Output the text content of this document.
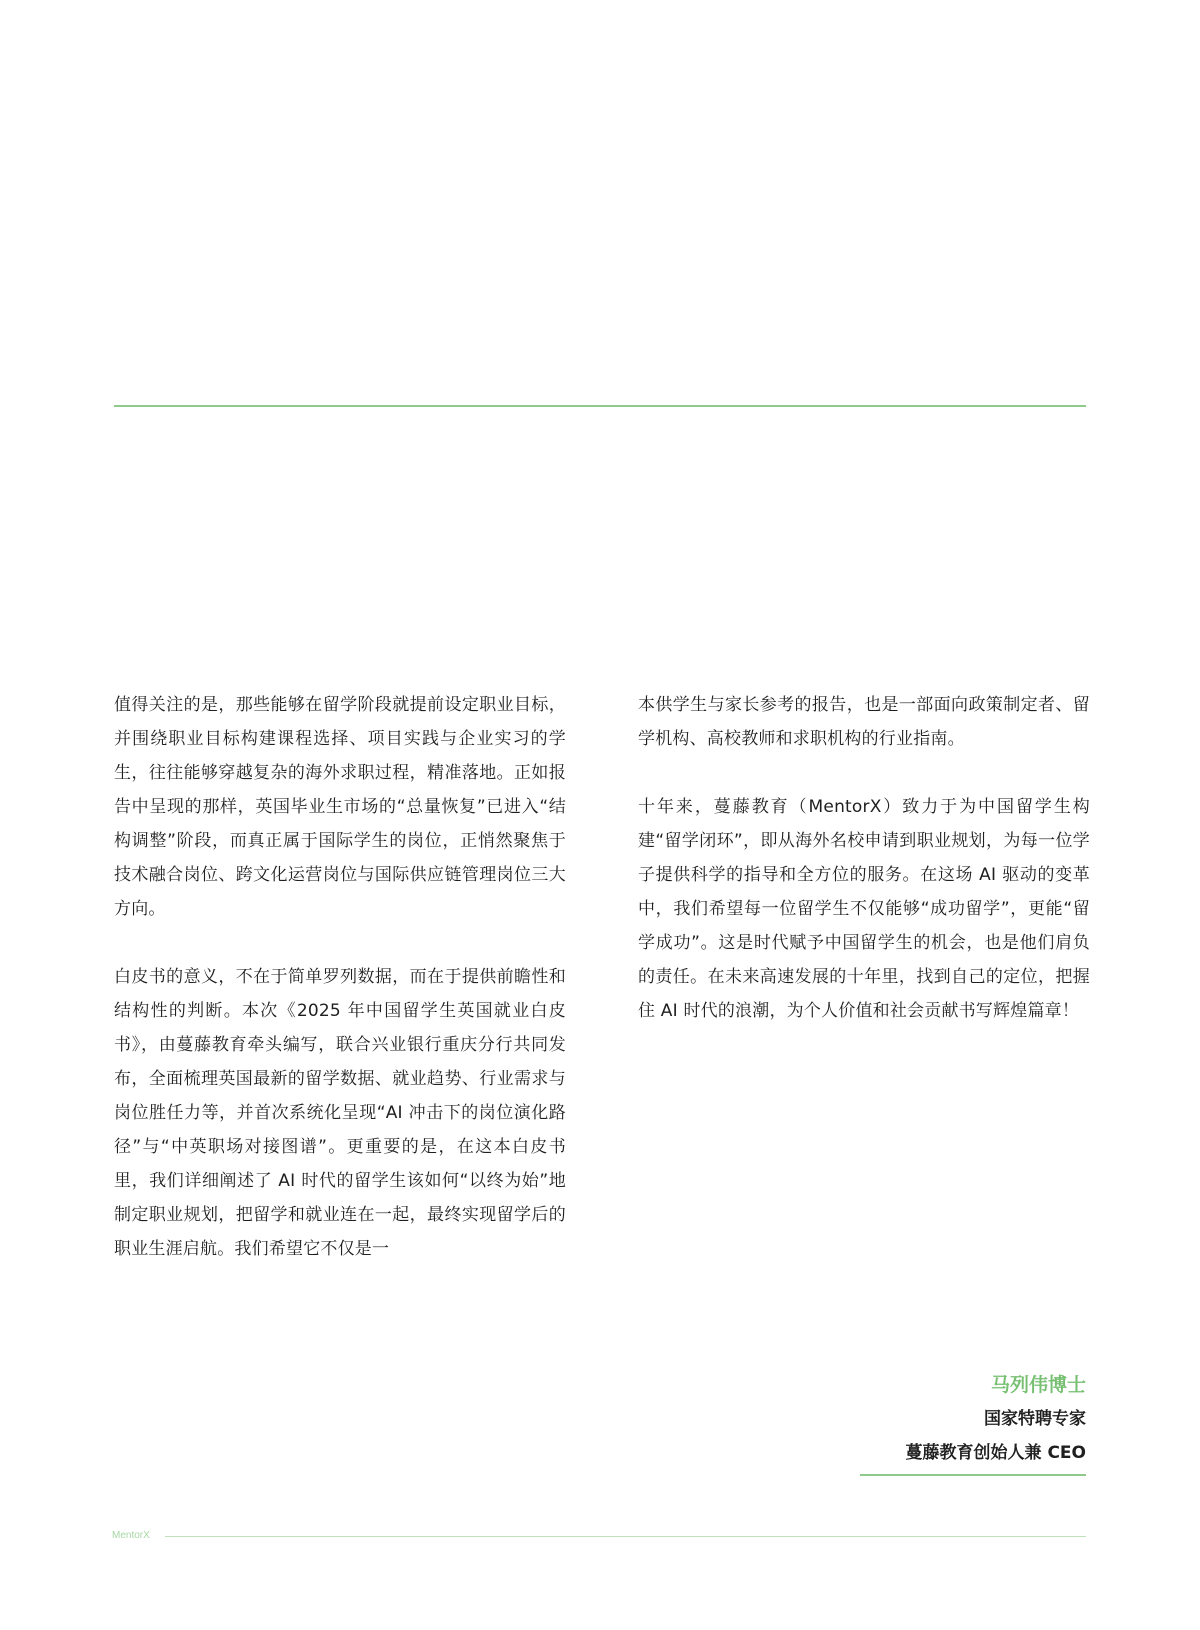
值得关注的是，那些能够在留学阶段就提前设定职业目标，并围绕职业目标构建课程选择、项目实践与企业实习的学生，往往能够穿越复杂的海外求职过程，精准落地。正如报告中呈现的那样，英国毕业生市场的“总量恢复”已进入“结构调整”阶段，而真正属于国际学生的岗位，正悄然聚焦于技术融合岗位、跨文化运营岗位与国际供应链管理岗位三大方向。

白皮书的意义，不在于简单罗列数据，而在于提供前瞻性和结构性的判断。本次《2025 年中国留学生英国就业白皮书》，由蔓藤教育牵头编写，联合兴业银行重庆分行共同发布，全面梳理英国最新的留学数据、就业趋势、行业需求与岗位胜任力等，并首次系统化呈现“AI 冲击下的岗位演化路径”与“中英职场对接图谱”。更重要的是，在这本白皮书里，我们详细阐述了 AI 时代的留学生该如何“以终为始”地制定职业规划，把留学和就业连在一起，最终实现留学后的职业生涯启航。我们希望它不仅是一

本供学生与家长参考的报告，也是一部面向政策制定者、留学机构、高校教师和求职机构的行业指南。

十年来，蔓藤教育（MentorX）致力于为中国留学生构建“留学闭环”，即从海外名校申请到职业规划，为每一位学子提供科学的指导和全方位的服务。在这场 AI 驱动的变革中，我们希望每一位留学生不仅能够“成功留学”，更能“留学成功”。这是时代赋予中国留学生的机会，也是他们肩负的责任。在未来高速发展的十年里，找到自己的定位，把握住 AI 时代的浪潮，为个人价值和社会贡献书写辉煌篇章！

马列伟博士
国家特聘专家
蔓藤教育创始人兼 CEO
MentorX
